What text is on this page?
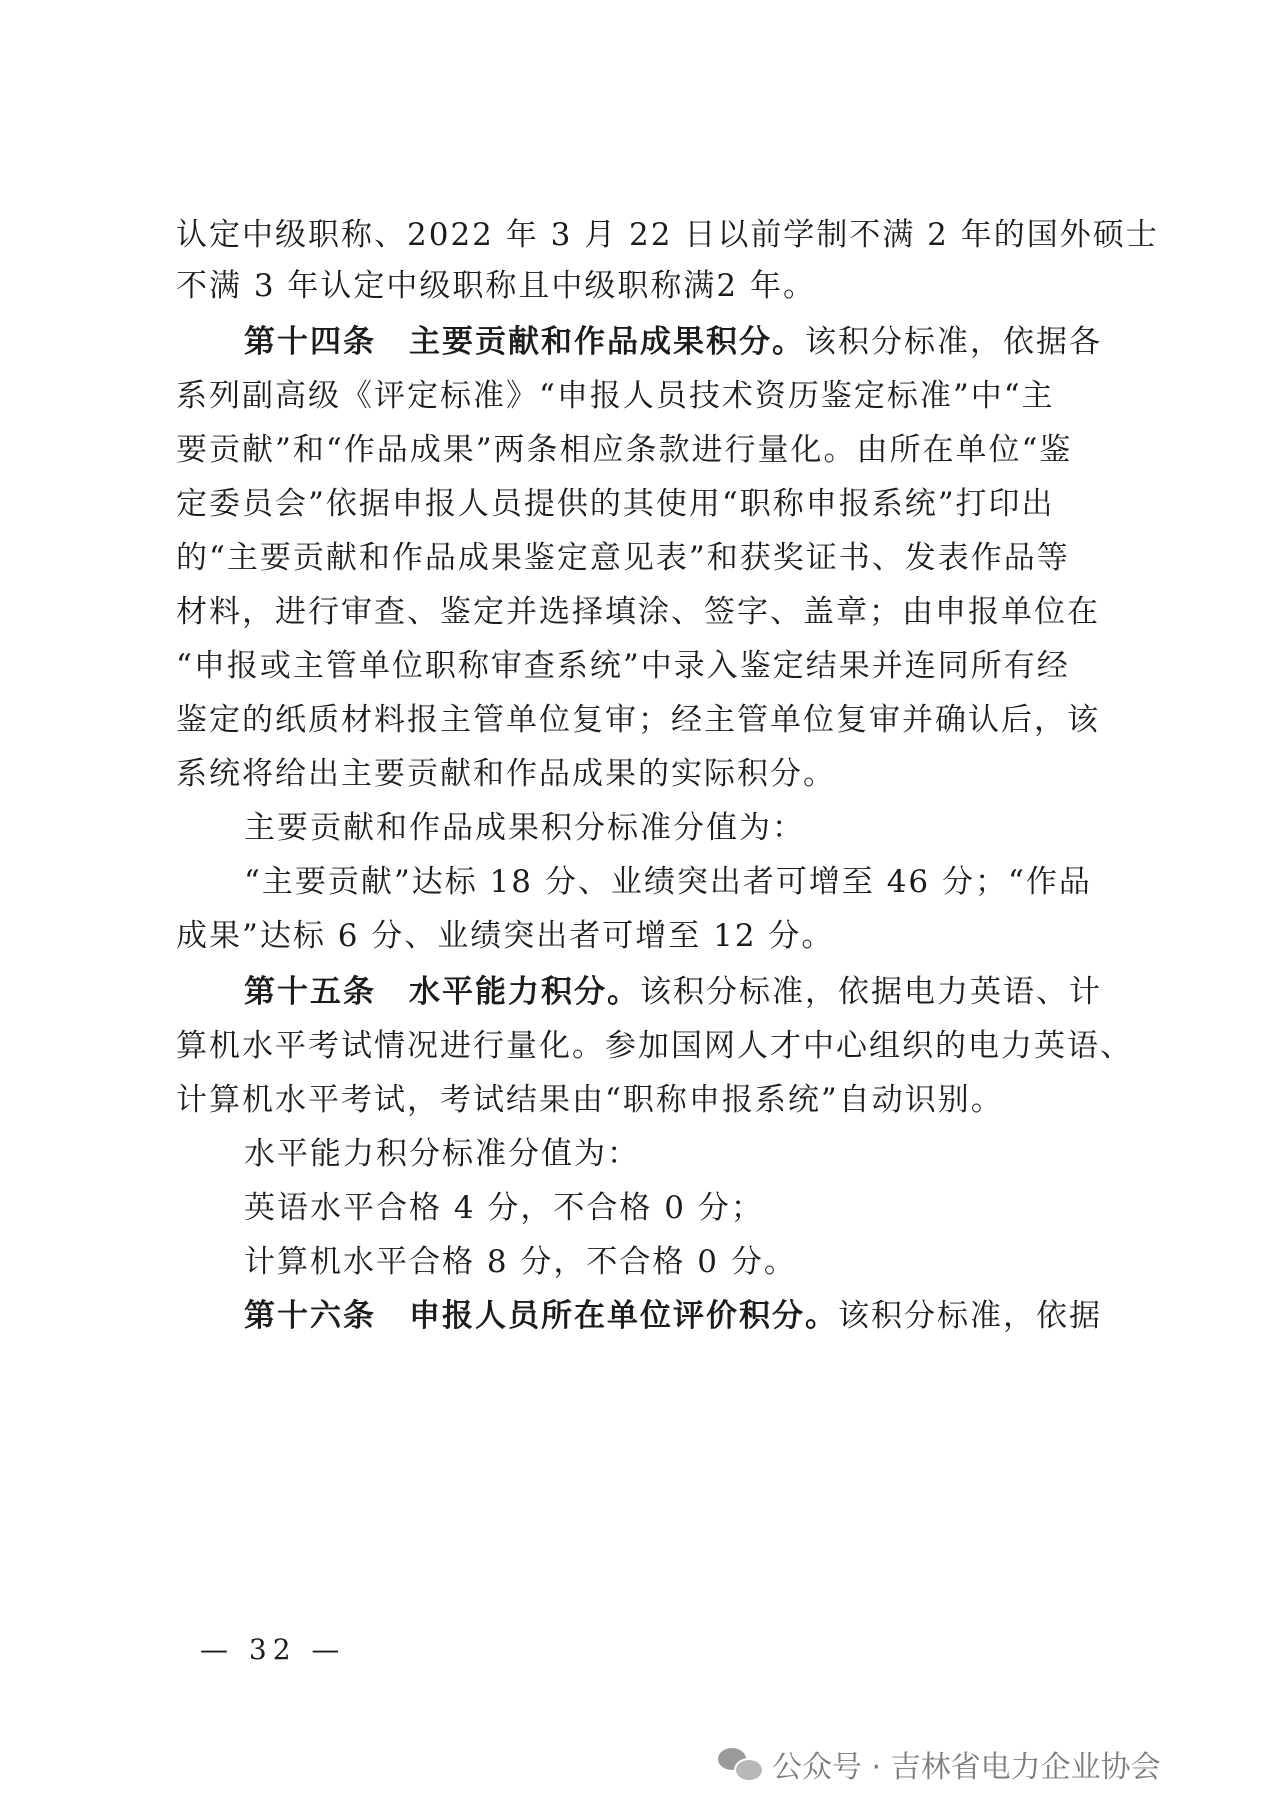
认定中级职称、2022 年 3 月 22 日以前学制不满 2 年的国外硕士
不满 3 年认定中级职称且中级职称满2 年。
第十四条　主要贡献和作品成果积分。该积分标准，依据各
系列副高级《评定标准》“申报人员技术资历鉴定标准”中“主
要贡献”和“作品成果”两条相应条款进行量化。由所在单位“鉴
定委员会”依据申报人员提供的其使用“职称申报系统”打印出
的“主要贡献和作品成果鉴定意见表”和获奖证书、发表作品等
材料，进行审查、鉴定并选择填涂、签字、盖章；由申报单位在
“申报或主管单位职称审查系统”中录入鉴定结果并连同所有经
鉴定的纸质材料报主管单位复审；经主管单位复审并确认后，该
系统将给出主要贡献和作品成果的实际积分。
主要贡献和作品成果积分标准分值为：
“主要贡献”达标 18 分、业绩突出者可增至 46 分；“作品
成果”达标 6 分、业绩突出者可增至 12 分。
第十五条　水平能力积分。该积分标准，依据电力英语、计
算机水平考试情况进行量化。参加国网人才中心组织的电力英语、
计算机水平考试，考试结果由“职称申报系统”自动识别。
水平能力积分标准分值为：
英语水平合格 4 分，不合格 0 分；
计算机水平合格 8 分，不合格 0 分。
第十六条　申报人员所在单位评价积分。该积分标准，依据
— 32 —
公众号 · 吉林省电力企业协会
